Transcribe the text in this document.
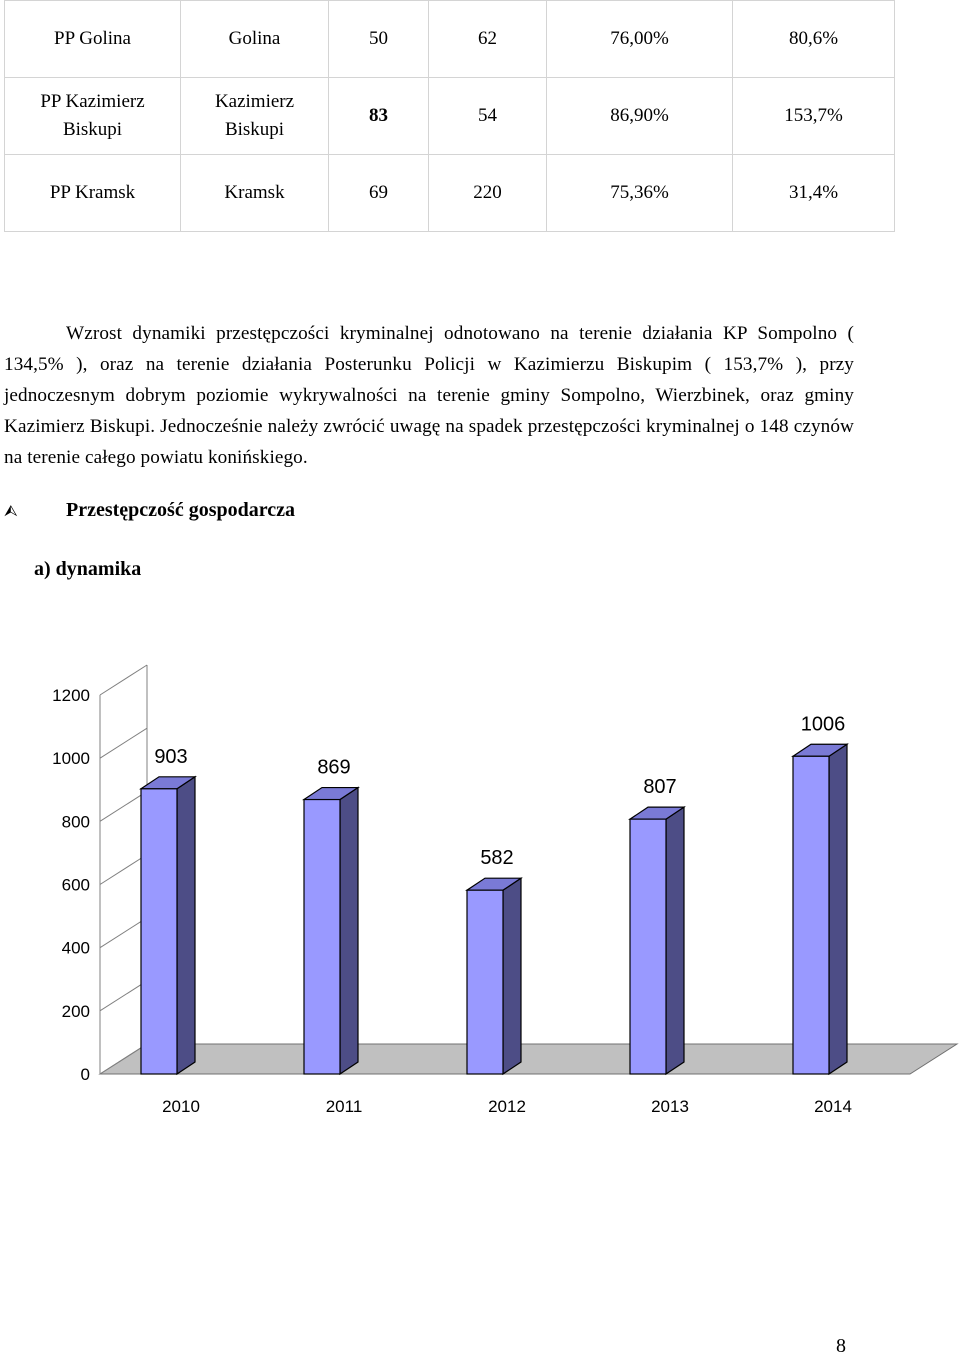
PP Golina	Golina	50	62	76,00%	80,6%
PP Kazimierz Biskupi	Kazimierz Biskupi	83	54	86,90%	153,7%
PP Kramsk	Kramsk	69	220	75,36%	31,4%

Wzrost dynamiki przestępczości kryminalnej odnotowano na terenie działania KP Sompolno ( 134,5% ), oraz na terenie działania Posterunku Policji w Kazimierzu Biskupim ( 153,7% ), przy jednoczesnym dobrym poziomie wykrywalności na terenie gminy Sompolno, Wierzbinek, oraz gminy Kazimierz Biskupi. Jednocześnie należy zwrócić uwagę na spadek przestępczości kryminalnej o 148 czynów na terenie całego powiatu konińskiego.

⮙ Przestępczość gospodarcza
a) dynamika
0
200
400
600
800
1000
1200
903
2010
869
2011
582
2012
807
2013
1006
2014
8
